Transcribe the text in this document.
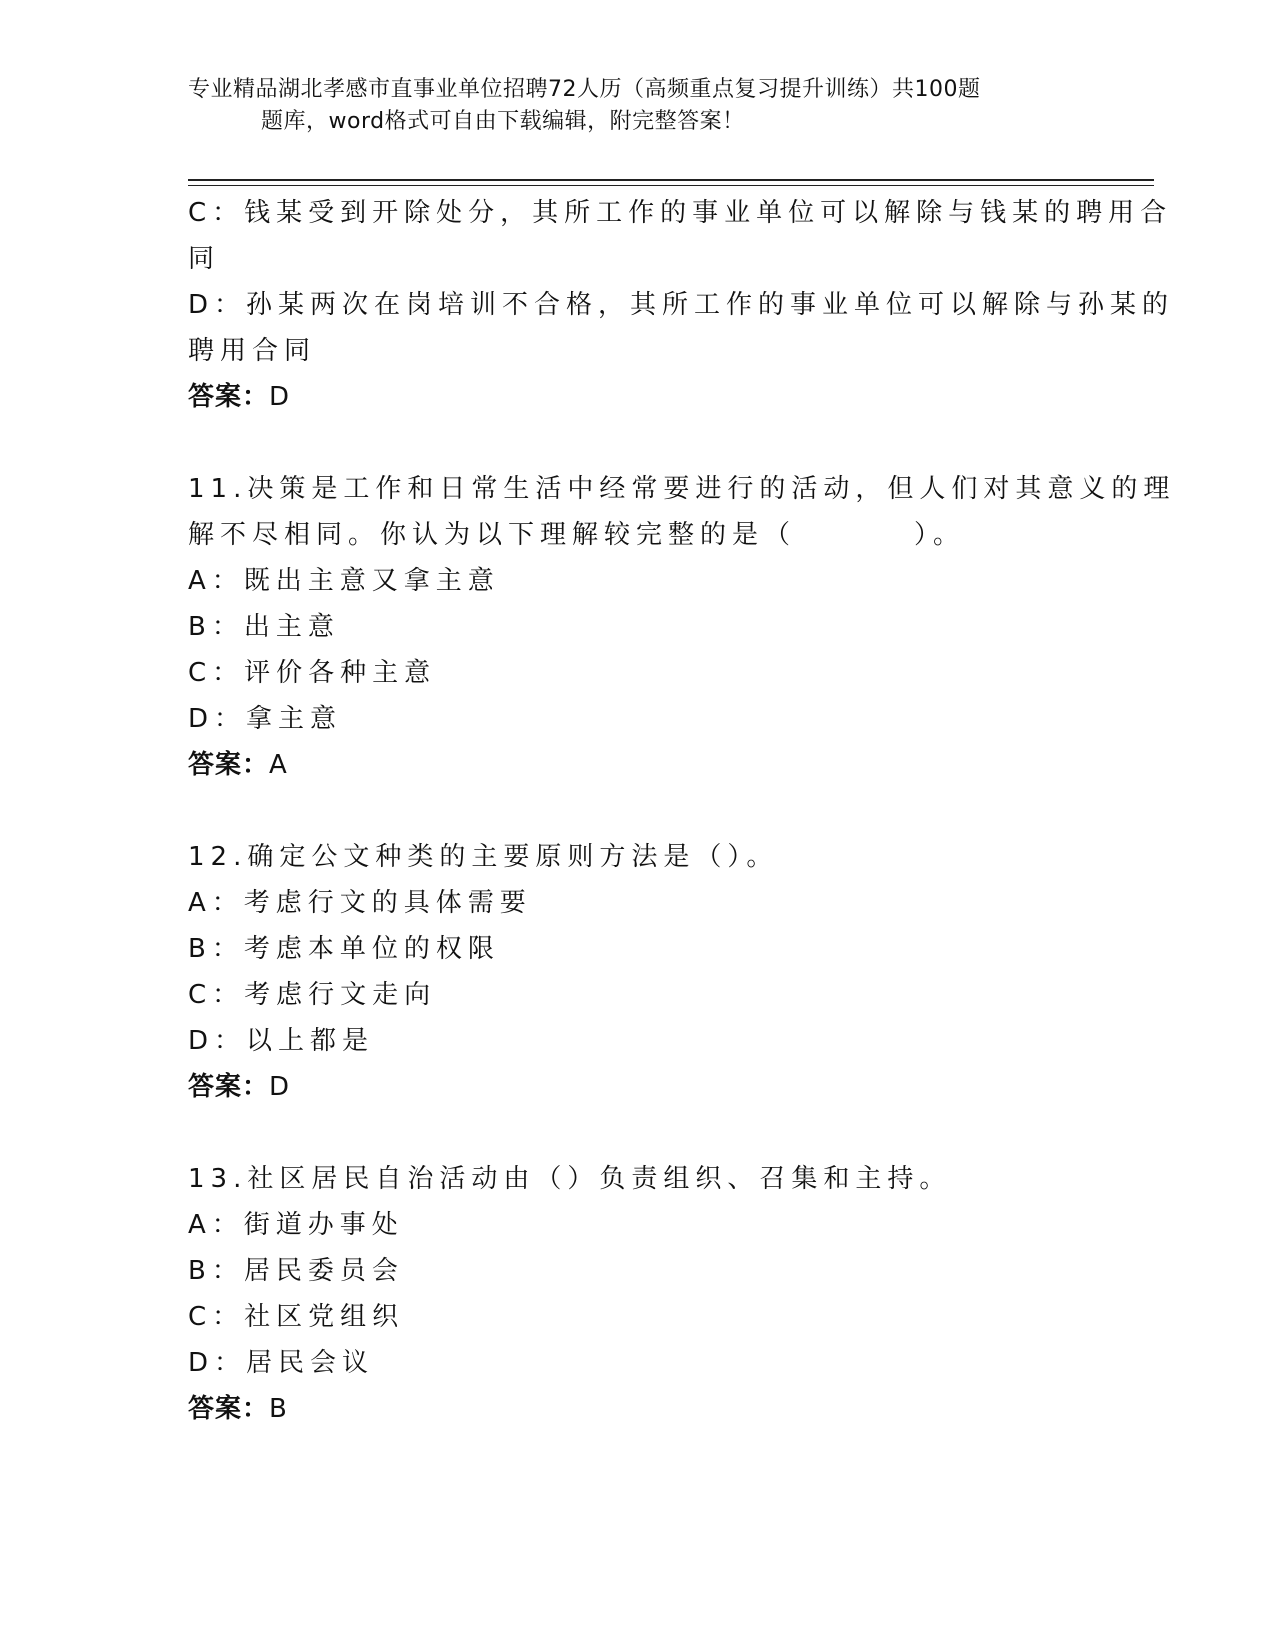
专业精品湖北孝感市直事业单位招聘72人历（高频重点复习提升训练）共100题
题库，word格式可自由下载编辑，附完整答案！
C：钱某受到开除处分，其所工作的事业单位可以解除与钱某的聘用合
同
D：孙某两次在岗培训不合格，其所工作的事业单位可以解除与孙某的
聘用合同
答案：D
11.决策是工作和日常生活中经常要进行的活动，但人们对其意义的理
解不尽相同。你认为以下理解较完整的是（	）。
A：既出主意又拿主意
B：出主意
C：评价各种主意
D：拿主意
答案：A
12.确定公文种类的主要原则方法是（）。
A：考虑行文的具体需要
B：考虑本单位的权限
C：考虑行文走向
D：以上都是
答案：D
13.社区居民自治活动由（）负责组织、召集和主持。
A：街道办事处
B：居民委员会
C：社区党组织
D：居民会议
答案：B
